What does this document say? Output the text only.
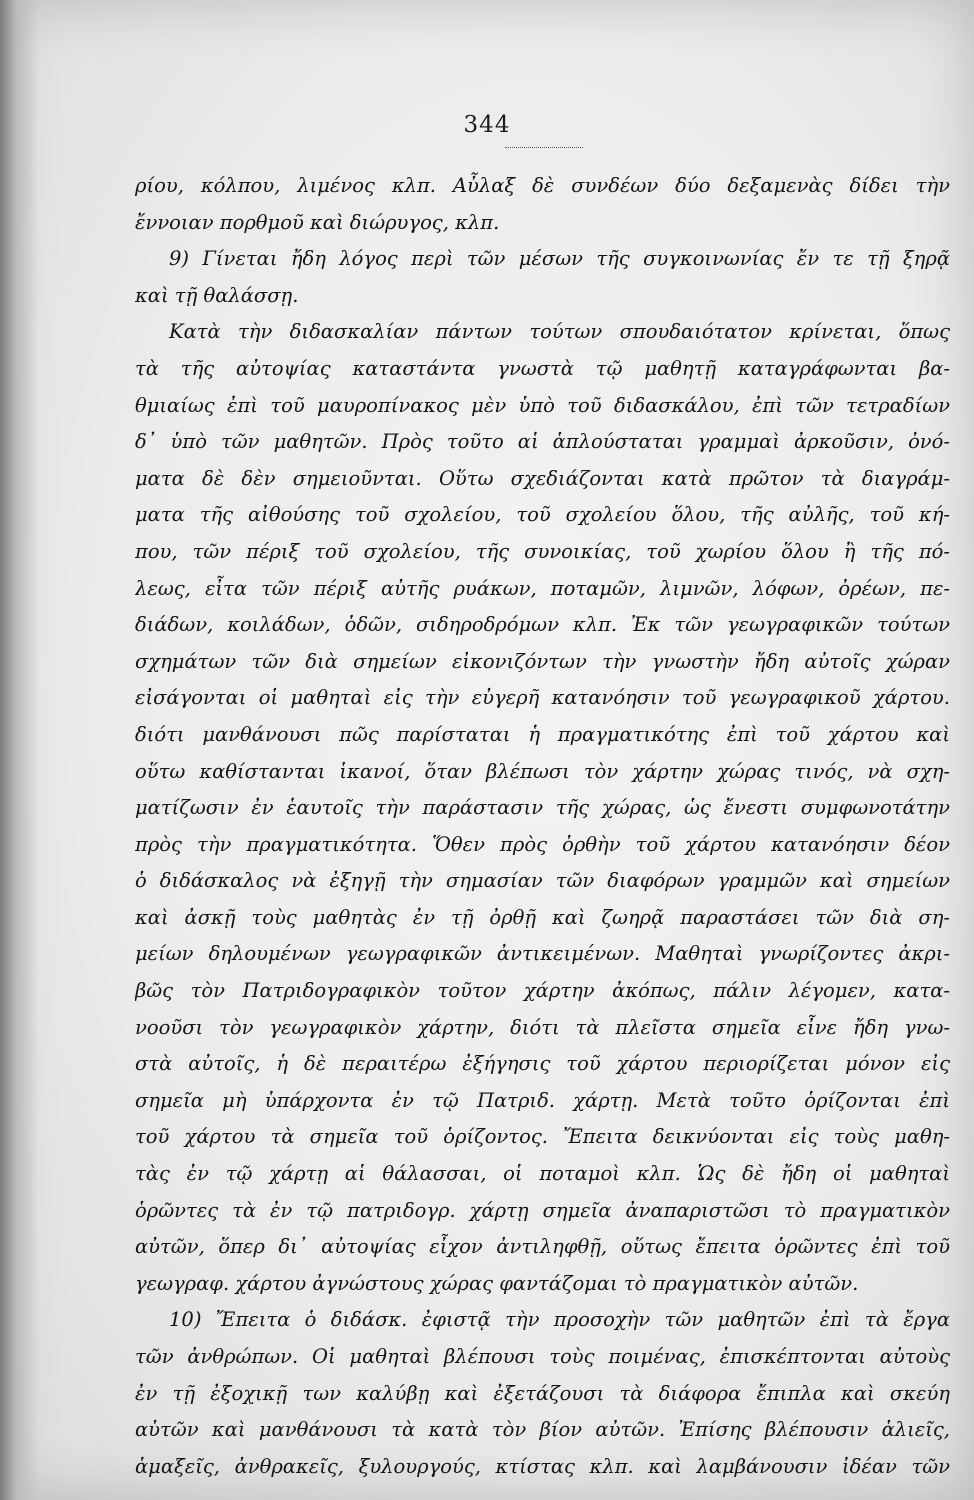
344
ρίου, κόλπου, λιμένος κλπ. Αὖλαξ δὲ συνδέων δύο δεξαμενὰς δίδει τὴν
ἔννοιαν πορθμοῦ καὶ διώρυγος, κλπ.
9) Γίνεται ἤδη λόγος περὶ τῶν μέσων τῆς συγκοινωνίας ἔν τε τῇ ξηρᾷ
καὶ τῇ θαλάσσῃ.
Κατὰ τὴν διδασκαλίαν πάντων τούτων σπουδαιότατον κρίνεται, ὅπως
τὰ τῆς αὐτοψίας καταστάντα γνωστὰ τῷ μαθητῇ καταγράφωνται βα-
θμιαίως ἐπὶ τοῦ μαυροπίνακος μὲν ὑπὸ τοῦ διδασκάλου, ἐπὶ τῶν τετραδίων
δ᾽ ὑπὸ τῶν μαθητῶν. Πρὸς τοῦτο αἱ ἁπλούσταται γραμμαὶ ἀρκοῦσιν, ὀνό-
ματα δὲ δὲν σημειοῦνται. Οὕτω σχεδιάζονται κατὰ πρῶτον τὰ διαγράμ-
ματα τῆς αἰθούσης τοῦ σχολείου, τοῦ σχολείου ὅλου, τῆς αὐλῆς, τοῦ κή-
που, τῶν πέριξ τοῦ σχολείου, τῆς συνοικίας, τοῦ χωρίου ὅλου ἢ τῆς πό-
λεως, εἶτα τῶν πέριξ αὐτῆς ρυάκων, ποταμῶν, λιμνῶν, λόφων, ὀρέων, πε-
διάδων, κοιλάδων, ὁδῶν, σιδηροδρόμων κλπ. Ἐκ τῶν γεωγραφικῶν τούτων
σχημάτων τῶν διὰ σημείων εἰκονιζόντων τὴν γνωστὴν ἤδη αὐτοῖς χώραν
εἰσάγονται οἱ μαθηταὶ εἰς τὴν εὐγερῆ κατανόησιν τοῦ γεωγραφικοῦ χάρτου.
διότι μανθάνουσι πῶς παρίσταται ἡ πραγματικότης ἐπὶ τοῦ χάρτου καὶ
οὕτω καθίστανται ἱκανοί, ὅταν βλέπωσι τὸν χάρτην χώρας τινός, νὰ σχη-
ματίζωσιν ἐν ἑαυτοῖς τὴν παράστασιν τῆς χώρας, ὡς ἔνεστι συμφωνοτάτην
πρὸς τὴν πραγματικότητα. Ὅθεν πρὸς ὀρθὴν τοῦ χάρτου κατανόησιν δέον
ὁ διδάσκαλος νὰ ἐξηγῇ τὴν σημασίαν τῶν διαφόρων γραμμῶν καὶ σημείων
καὶ ἀσκῇ τοὺς μαθητὰς ἐν τῇ ὀρθῇ καὶ ζωηρᾷ παραστάσει τῶν διὰ ση-
μείων δηλουμένων γεωγραφικῶν ἀντικειμένων. Μαθηταὶ γνωρίζοντες ἀκρι-
βῶς τὸν Πατριδογραφικὸν τοῦτον χάρτην ἀκόπως, πάλιν λέγομεν, κατα-
νοοῦσι τὸν γεωγραφικὸν χάρτην, διότι τὰ πλεῖστα σημεῖα εἶνε ἤδη γνω-
στὰ αὐτοῖς, ἡ δὲ περαιτέρω ἐξήγησις τοῦ χάρτου περιορίζεται μόνον εἰς
σημεῖα μὴ ὑπάρχοντα ἐν τῷ Πατριδ. χάρτῃ. Μετὰ τοῦτο ὁρίζονται ἐπὶ
τοῦ χάρτου τὰ σημεῖα τοῦ ὁρίζοντος. Ἔπειτα δεικνύονται εἰς τοὺς μαθη-
τὰς ἐν τῷ χάρτῃ αἱ θάλασσαι, οἱ ποταμοὶ κλπ. Ὡς δὲ ἤδη οἱ μαθηταὶ
ὁρῶντες τὰ ἐν τῷ πατριδογρ. χάρτῃ σημεῖα ἀναπαριστῶσι τὸ πραγματικὸν
αὐτῶν, ὅπερ δι᾽ αὐτοψίας εἶχον ἀντιληφθῇ, οὕτως ἔπειτα ὁρῶντες ἐπὶ τοῦ
γεωγραφ. χάρτου ἀγνώστους χώρας φαντάζομαι τὸ πραγματικὸν αὐτῶν.
10) Ἔπειτα ὁ διδάσκ. ἐφιστᾷ τὴν προσοχὴν τῶν μαθητῶν ἐπὶ τὰ ἔργα
τῶν ἀνθρώπων. Οἱ μαθηταὶ βλέπουσι τοὺς ποιμένας, ἐπισκέπτονται αὐτοὺς
ἐν τῇ ἐξοχικῇ των καλύβῃ καὶ ἐξετάζουσι τὰ διάφορα ἔπιπλα καὶ σκεύη
αὐτῶν καὶ μανθάνουσι τὰ κατὰ τὸν βίον αὐτῶν. Ἐπίσης βλέπουσιν ἁλιεῖς,
ἁμαξεῖς, ἀνθρακεῖς, ξυλουργούς, κτίστας κλπ. καὶ λαμβάνουσιν ἰδέαν τῶν
